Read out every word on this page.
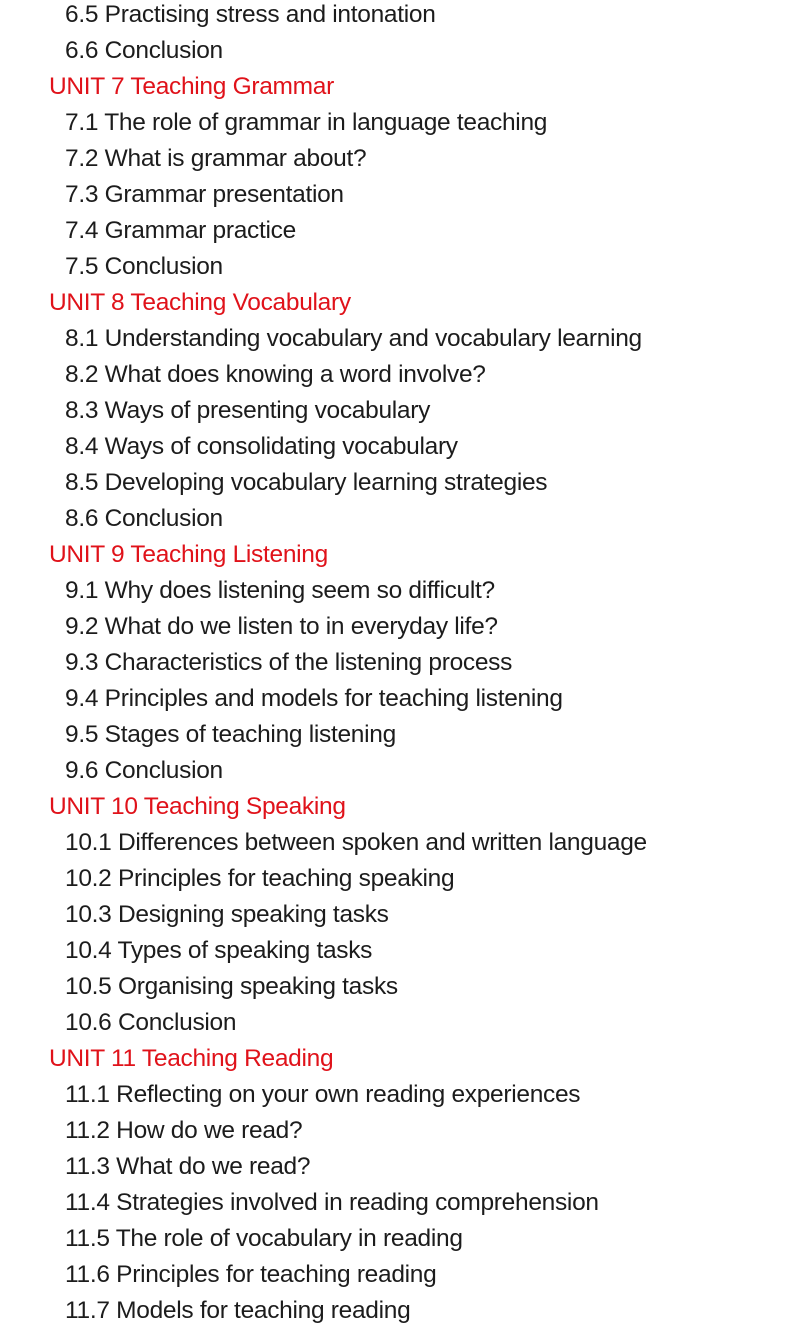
6.5 Practising stress and intonation
6.6 Conclusion
UNIT 7 Teaching Grammar
7.1 The role of grammar in language teaching
7.2 What is grammar about?
7.3 Grammar presentation
7.4 Grammar practice
7.5 Conclusion
UNIT 8 Teaching Vocabulary
8.1 Understanding vocabulary and vocabulary learning
8.2 What does knowing a word involve?
8.3 Ways of presenting vocabulary
8.4 Ways of consolidating vocabulary
8.5 Developing vocabulary learning strategies
8.6 Conclusion
UNIT 9 Teaching Listening
9.1 Why does listening seem so difficult?
9.2 What do we listen to in everyday life?
9.3 Characteristics of the listening process
9.4 Principles and models for teaching listening
9.5 Stages of teaching listening
9.6 Conclusion
UNIT 10 Teaching Speaking
10.1 Differences between spoken and written language
10.2 Principles for teaching speaking
10.3 Designing speaking tasks
10.4 Types of speaking tasks
10.5 Organising speaking tasks
10.6 Conclusion
UNIT 11 Teaching Reading
11.1 Reflecting on your own reading experiences
11.2 How do we read?
11.3 What do we read?
11.4 Strategies involved in reading comprehension
11.5 The role of vocabulary in reading
11.6 Principles for teaching reading
11.7 Models for teaching reading
